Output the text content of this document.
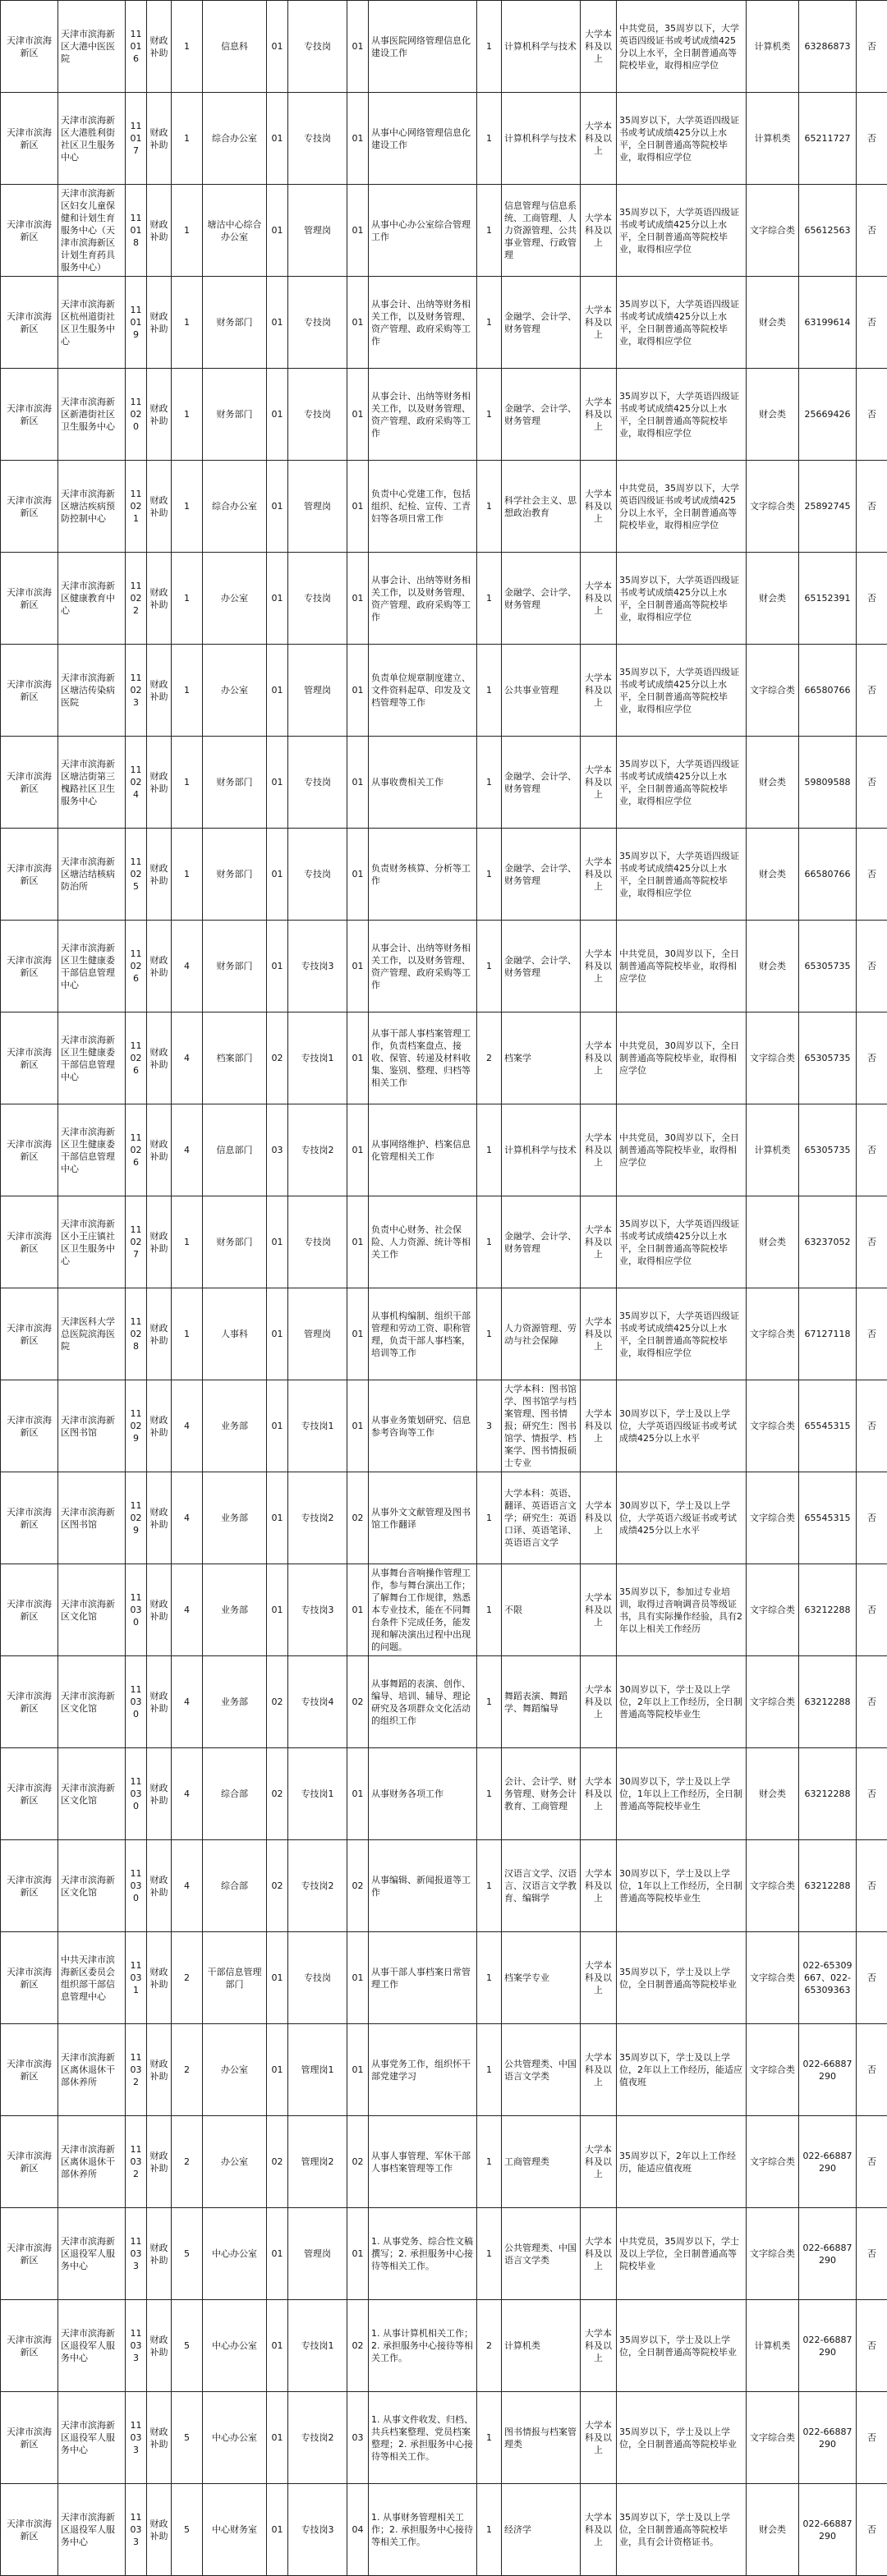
天津市滨海新区	天津市滨海新区大港中医医院	11016	财政补助	1	信息科	01	专技岗	01	从事医院网络管理信息化建设工作	1	计算机科学与技术	大学本科及以上	中共党员，35周岁以下，大学英语四级证书或考试成绩425分以上水平，全日制普通高等院校毕业，取得相应学位	计算机类	63286873	否
天津市滨海新区	天津市滨海新区大港胜利街社区卫生服务中心	11017	财政补助	1	综合办公室	01	专技岗	01	从事中心网络管理信息化建设工作	1	计算机科学与技术	大学本科及以上	35周岁以下，大学英语四级证书或考试成绩425分以上水平，全日制普通高等院校毕业，取得相应学位	计算机类	65211727	否
天津市滨海新区	天津市滨海新区妇女儿童保健和计划生育服务中心（天津市滨海新区计划生育药具服务中心）	11018	财政补助	1	塘沽中心综合办公室	01	管理岗	01	从事中心办公室综合管理工作	1	信息管理与信息系统、工商管理、人力资源管理、公共事业管理、行政管理	大学本科及以上	35周岁以下，大学英语四级证书或考试成绩425分以上水平，全日制普通高等院校毕业，取得相应学位	文字综合类	65612563	否
天津市滨海新区	天津市滨海新区杭州道街社区卫生服务中心	11019	财政补助	1	财务部门	01	专技岗	01	从事会计、出纳等财务相关工作，以及财务管理、资产管理、政府采购等工作	1	金融学、会计学、财务管理	大学本科及以上	35周岁以下，大学英语四级证书或考试成绩425分以上水平，全日制普通高等院校毕业，取得相应学位	财会类	63199614	否
天津市滨海新区	天津市滨海新区新港街社区卫生服务中心	11020	财政补助	1	财务部门	01	专技岗	01	从事会计、出纳等财务相关工作，以及财务管理、资产管理、政府采购等工作	1	金融学、会计学、财务管理	大学本科及以上	35周岁以下，大学英语四级证书或考试成绩425分以上水平，全日制普通高等院校毕业，取得相应学位	财会类	25669426	否
天津市滨海新区	天津市滨海新区塘沽疾病预防控制中心	11021	财政补助	1	综合办公室	01	管理岗	01	负责中心党建工作，包括组织、纪检、宣传、工青妇等各项日常工作	1	科学社会主义、思想政治教育	大学本科及以上	中共党员，35周岁以下，大学英语四级证书或考试成绩425分以上水平，全日制普通高等院校毕业，取得相应学位	文字综合类	25892745	否
天津市滨海新区	天津市滨海新区健康教育中心	11022	财政补助	1	办公室	01	专技岗	01	从事会计、出纳等财务相关工作，以及财务管理、资产管理、政府采购等工作	1	金融学、会计学、财务管理	大学本科及以上	35周岁以下，大学英语四级证书或考试成绩425分以上水平，全日制普通高等院校毕业，取得相应学位	财会类	65152391	否
天津市滨海新区	天津市滨海新区塘沽传染病医院	11023	财政补助	1	办公室	01	管理岗	01	负责单位规章制度建立、文件资料起草、印发及文档管理等工作	1	公共事业管理	大学本科及以上	35周岁以下，大学英语四级证书或考试成绩425分以上水平，全日制普通高等院校毕业，取得相应学位	文字综合类	66580766	否
天津市滨海新区	天津市滨海新区塘沽街第三槐路社区卫生服务中心	11024	财政补助	1	财务部门	01	专技岗	01	从事收费相关工作	1	金融学、会计学、财务管理	大学本科及以上	35周岁以下，大学英语四级证书或考试成绩425分以上水平，全日制普通高等院校毕业，取得相应学位	财会类	59809588	否
天津市滨海新区	天津市滨海新区塘沽结核病防治所	11025	财政补助	1	财务部门	01	专技岗	01	负责财务核算、分析等工作	1	金融学、会计学、财务管理	大学本科及以上	35周岁以下，大学英语四级证书或考试成绩425分以上水平，全日制普通高等院校毕业，取得相应学位	财会类	66580766	否
天津市滨海新区	天津市滨海新区卫生健康委干部信息管理中心	11026	财政补助	4	财务部门	01	专技岗3	01	从事会计、出纳等财务相关工作，以及财务管理、资产管理、政府采购等工作	1	金融学、会计学、财务管理	大学本科及以上	中共党员，30周岁以下，全日制普通高等院校毕业，取得相应学位	财会类	65305735	否
天津市滨海新区	天津市滨海新区卫生健康委干部信息管理中心	11026	财政补助	4	档案部门	02	专技岗1	01	从事干部人事档案管理工作，负责档案盘点、接收、保管、转递及材料收集、鉴别、整理、归档等相关工作	2	档案学	大学本科及以上	中共党员，30周岁以下，全日制普通高等院校毕业，取得相应学位	文字综合类	65305735	否
天津市滨海新区	天津市滨海新区卫生健康委干部信息管理中心	11026	财政补助	4	信息部门	03	专技岗2	01	从事网络维护、档案信息化管理相关工作	1	计算机科学与技术	大学本科及以上	中共党员，30周岁以下，全日制普通高等院校毕业，取得相应学位	计算机类	65305735	否
天津市滨海新区	天津市滨海新区小王庄镇社区卫生服务中心	11027	财政补助	1	财务部门	01	专技岗	01	负责中心财务、社会保险、人力资源、统计等相关工作	1	金融学、会计学、财务管理	大学本科及以上	35周岁以下，大学英语四级证书或考试成绩425分以上水平，全日制普通高等院校毕业，取得相应学位	财会类	63237052	否
天津市滨海新区	天津医科大学总医院滨海医院	11028	财政补助	1	人事科	01	管理岗	01	从事机构编制、组织干部管理和劳动工资、职称管理，负责干部人事档案，培训等工作	1	人力资源管理、劳动与社会保障	大学本科及以上	35周岁以下，大学英语四级证书或考试成绩425分以上水平，全日制普通高等院校毕业，取得相应学位	文字综合类	67127118	否
天津市滨海新区	天津市滨海新区图书馆	11029	财政补助	4	业务部	01	专技岗1	01	从事业务策划研究、信息参考咨询等工作	3	大学本科：图书馆学、图书馆学与档案管理、图书情报；研究生：图书馆学、情报学、档案学、图书情报硕士专业	大学本科及以上	30周岁以下，学士及以上学位，大学英语四级证书或考试成绩425分以上水平	文字综合类	65545315	否
天津市滨海新区	天津市滨海新区图书馆	11029	财政补助	4	业务部	01	专技岗2	02	从事外文文献管理及图书馆工作翻译	1	大学本科：英语、翻译、英语语言文学；研究生：英语口译、英语笔译、英语语言文学	大学本科及以上	30周岁以下，学士及以上学位，大学英语六级证书或考试成绩425分以上水平	文字综合类	65545315	否
天津市滨海新区	天津市滨海新区文化馆	11030	财政补助	4	业务部	01	专技岗3	01	从事舞台音响操作管理工作，参与舞台演出工作；了解舞台工作规律，熟悉本专业技术，能在不同舞台条件下完成任务，能发现和解决演出过程中出现的问题。	1	不限	大学本科及以上	35周岁以下，参加过专业培训，取得过音响调音员等级证书，具有实际操作经验，具有2年以上相关工作经历	文字综合类	63212288	否
天津市滨海新区	天津市滨海新区文化馆	11030	财政补助	4	业务部	02	专技岗4	02	从事舞蹈的表演、创作、编导、培训、辅导、理论研究及各项群众文化活动的组织工作	1	舞蹈表演、舞蹈学、舞蹈编导	大学本科及以上	30周岁以下，学士及以上学位，2年以上工作经历，全日制普通高等院校毕业生	文字综合类	63212288	否
天津市滨海新区	天津市滨海新区文化馆	11030	财政补助	4	综合部	02	专技岗1	01	从事财务各项工作	1	会计、会计学、财务管理、财务会计教育、工商管理	大学本科及以上	30周岁以下，学士及以上学位，1年以上工作经历，全日制普通高等院校毕业生	财会类	63212288	否
天津市滨海新区	天津市滨海新区文化馆	11030	财政补助	4	综合部	02	专技岗2	02	从事编辑、新闻报道等工作	1	汉语言文学、汉语言、汉语言文学教育、编辑学	大学本科及以上	30周岁以下，学士及以上学位，1年以上工作经历，全日制普通高等院校毕业生	文字综合类	63212288	否
天津市滨海新区	中共天津市滨海新区委员会组织部干部信息管理中心	11031	财政补助	2	干部信息管理部门	01	专技岗	01	从事干部人事档案日常管理工作	1	档案学专业	大学本科及以上	35周岁以下，学士及以上学位，全日制普通高等院校毕业	文字综合类	022-65309667、022-65309363	否
天津市滨海新区	天津市滨海新区离休退休干部休养所	11032	财政补助	2	办公室	01	管理岗1	01	从事党务工作，组织怀干部党建学习	1	公共管理类、中国语言文学类	大学本科及以上	35周岁以下，学士及以上学位，2年以上工作经历，能适应值夜班	文字综合类	022-66887290	否
天津市滨海新区	天津市滨海新区离休退休干部休养所	11032	财政补助	2	办公室	02	管理岗2	02	从事人事管理、军休干部人事档案管理等工作	1	工商管理类	大学本科及以上	35周岁以下，2年以上工作经历，能适应值夜班	文字综合类	022-66887290	否
天津市滨海新区	天津市滨海新区退役军人服务中心	11033	财政补助	5	中心办公室	01	管理岗	01	1. 从事党务、综合性文稿撰写；2. 承担服务中心接待等相关工作。	1	公共管理类、中国语言文学类	大学本科及以上	中共党员，35周岁以下，学士及以上学位，全日制普通高等院校毕业	文字综合类	022-66887290	否
天津市滨海新区	天津市滨海新区退役军人服务中心	11033	财政补助	5	中心办公室	01	专技岗1	02	1. 从事计算机相关工作；2. 承担服务中心接待等相关工作。	2	计算机类	大学本科及以上	35周岁以下，学士及以上学位，全日制普通高等院校毕业	计算机类	022-66887290	否
天津市滨海新区	天津市滨海新区退役军人服务中心	11033	财政补助	5	中心办公室	01	专技岗2	03	1. 从事文件收发、归档、共兵档案整理、党员档案整理；2. 承担服务中心接待等相关工作。	1	图书情报与档案管理类	大学本科及以上	35周岁以下，学士及以上学位，全日制普通高等院校毕业	文字综合类	022-66887290	否
天津市滨海新区	天津市滨海新区退役军人服务中心	11033	财政补助	5	中心财务室	01	专技岗3	04	1. 从事财务管理相关工作；2. 承担服务中心接待等相关工作。	1	经济学	大学本科及以上	35周岁以下，学士及以上学位，全日制普通高等院校毕业，具有会计资格证书。	财会类	022-66887290	否
